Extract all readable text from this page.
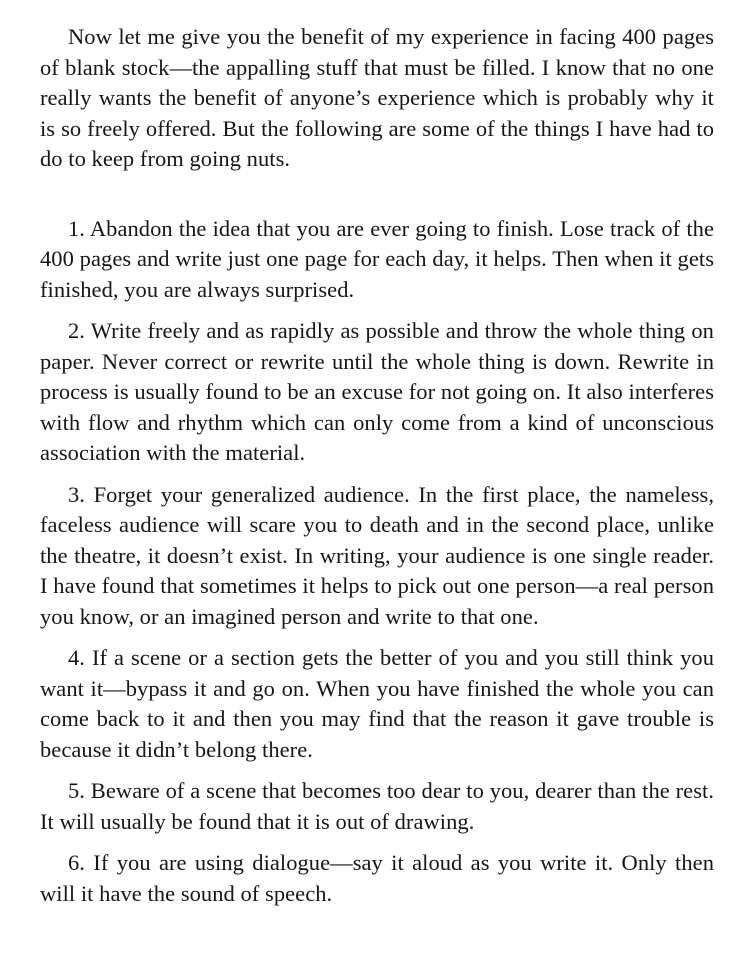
Now let me give you the benefit of my experience in facing 400 pages of blank stock—the appalling stuff that must be filled. I know that no one really wants the benefit of anyone’s experience which is probably why it is so freely offered. But the following are some of the things I have had to do to keep from going nuts.

1. Abandon the idea that you are ever going to finish. Lose track of the 400 pages and write just one page for each day, it helps. Then when it gets finished, you are always surprised.

2. Write freely and as rapidly as possible and throw the whole thing on paper. Never correct or rewrite until the whole thing is down. Rewrite in process is usually found to be an excuse for not going on. It also interferes with flow and rhythm which can only come from a kind of unconscious association with the material.

3. Forget your generalized audience. In the first place, the nameless, faceless audience will scare you to death and in the second place, unlike the theatre, it doesn’t exist. In writing, your audience is one single reader. I have found that sometimes it helps to pick out one person—a real person you know, or an imagined person and write to that one.

4. If a scene or a section gets the better of you and you still think you want it—bypass it and go on. When you have finished the whole you can come back to it and then you may find that the reason it gave trouble is because it didn’t belong there.

5. Beware of a scene that becomes too dear to you, dearer than the rest. It will usually be found that it is out of drawing.

6. If you are using dialogue—say it aloud as you write it. Only then will it have the sound of speech.
